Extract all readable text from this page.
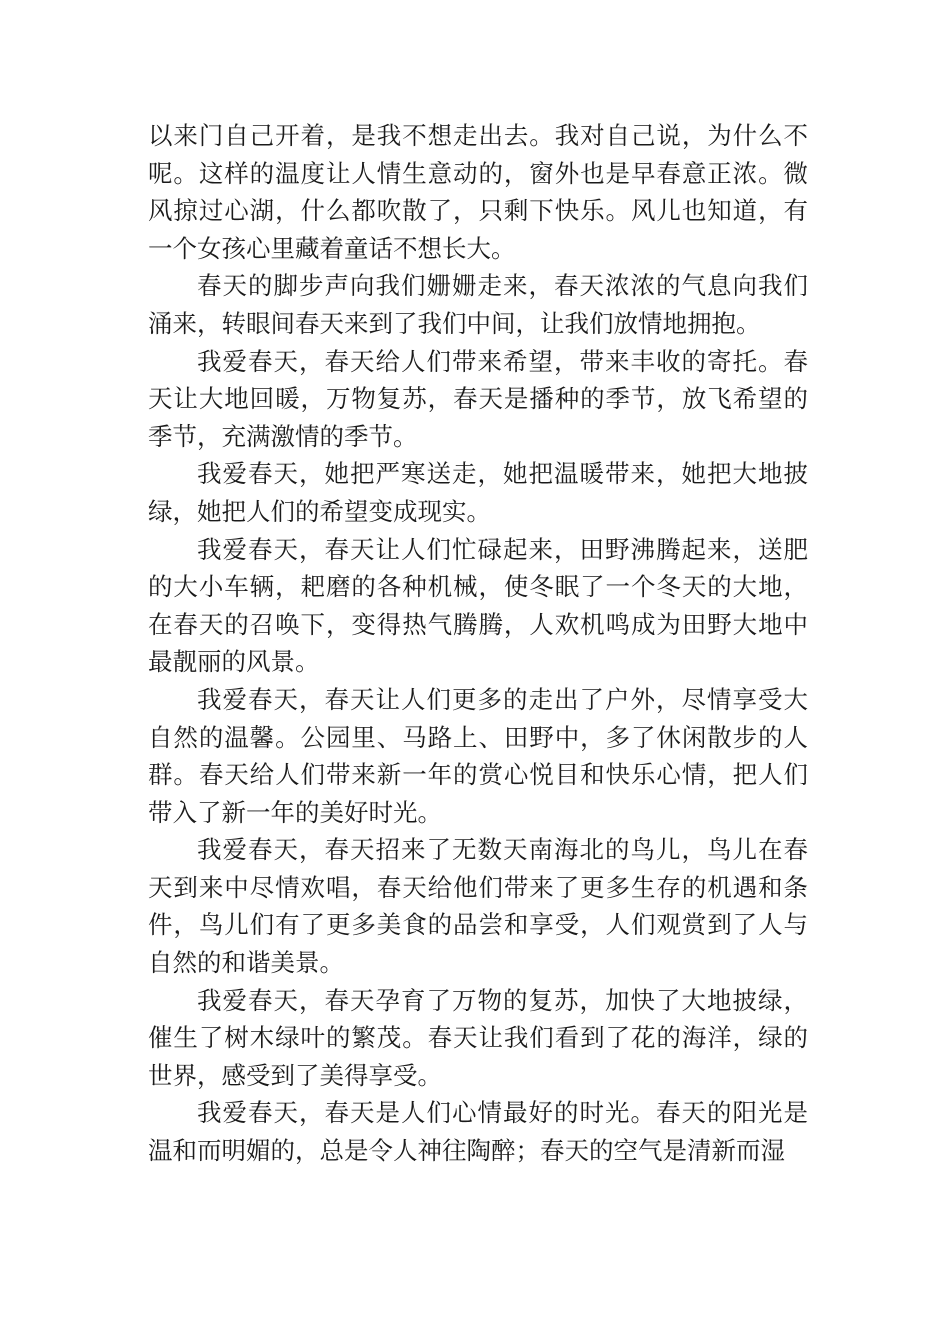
以来门自己开着，是我不想走出去。我对自己说，为什么不呢。这样的温度让人情生意动的，窗外也是早春意正浓。微风掠过心湖，什么都吹散了，只剩下快乐。风儿也知道，有一个女孩心里藏着童话不想长大。

春天的脚步声向我们姗姗走来，春天浓浓的气息向我们涌来，转眼间春天来到了我们中间，让我们放情地拥抱。

我爱春天，春天给人们带来希望，带来丰收的寄托。春天让大地回暖，万物复苏，春天是播种的季节，放飞希望的季节，充满激情的季节。

我爱春天，她把严寒送走，她把温暖带来，她把大地披绿，她把人们的希望变成现实。

我爱春天，春天让人们忙碌起来，田野沸腾起来，送肥的大小车辆，耙磨的各种机械，使冬眠了一个冬天的大地，在春天的召唤下，变得热气腾腾，人欢机鸣成为田野大地中最靓丽的风景。

我爱春天，春天让人们更多的走出了户外，尽情享受大自然的温馨。公园里、马路上、田野中，多了休闲散步的人群。春天给人们带来新一年的赏心悦目和快乐心情，把人们带入了新一年的美好时光。

我爱春天，春天招来了无数天南海北的鸟儿，鸟儿在春天到来中尽情欢唱，春天给他们带来了更多生存的机遇和条件，鸟儿们有了更多美食的品尝和享受，人们观赏到了人与自然的和谐美景。

我爱春天，春天孕育了万物的复苏，加快了大地披绿，催生了树木绿叶的繁茂。春天让我们看到了花的海洋，绿的世界，感受到了美得享受。

我爱春天，春天是人们心情最好的时光。春天的阳光是温和而明媚的，总是令人神往陶醉；春天的空气是清新而湿
